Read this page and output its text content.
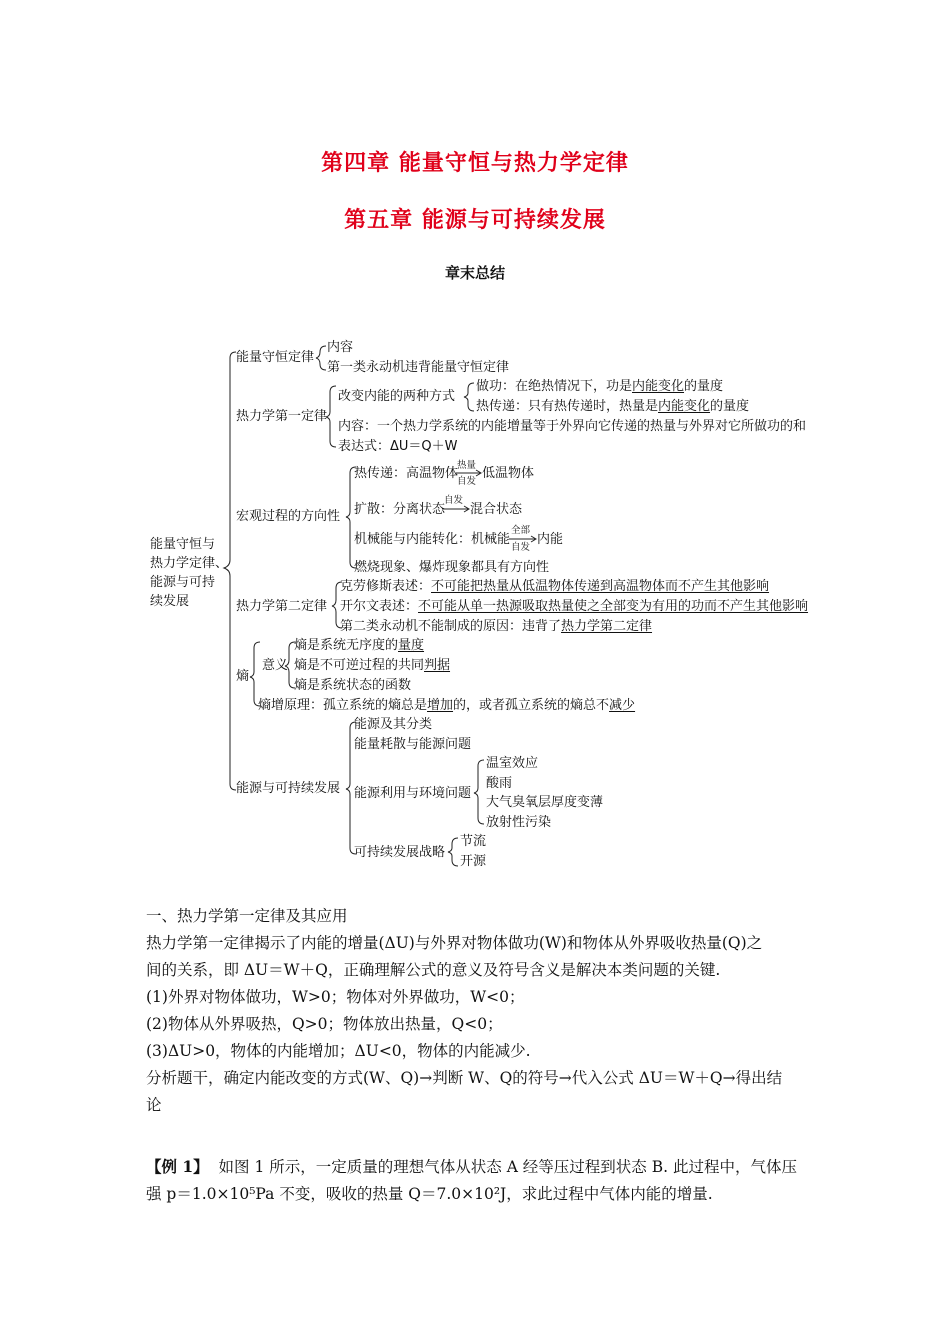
第四章 能量守恒与热力学定律
第五章 能源与可持续发展
章末总结
能量守恒与
热力学定律、
能源与可持
续发展
能量守恒定律
内容
第一类永动机违背能量守恒定律
热力学第一定律
改变内能的两种方式
做功：在绝热情况下，功是内能变化的量度
热传递：只有热传递时，热量是内能变化的量度
内容：一个热力学系统的内能增量等于外界向它传递的热量与外界对它所做功的和
表达式：ΔU＝Q＋W
宏观过程的方向性
热传递：高温物体
热量
自发
低温物体
扩散：分离状态
自发
混合状态
机械能与内能转化：机械能
全部
自发
内能
燃烧现象、爆炸现象都具有方向性
热力学第二定律
克劳修斯表述：不可能把热量从低温物体传递到高温物体而不产生其他影响
开尔文表述：不可能从单一热源吸取热量使之全部变为有用的功而不产生其他影响
第二类永动机不能制成的原因：违背了热力学第二定律
熵
意义
熵是系统无序度的量度
熵是不可逆过程的共同判据
熵是系统状态的函数
熵增原理：孤立系统的熵总是增加的，或者孤立系统的熵总不减少
能源与可持续发展
能源及其分类
能量耗散与能源问题
能源利用与环境问题
温室效应
酸雨
大气臭氧层厚度变薄
放射性污染
可持续发展战略
节流
开源
一、热力学第一定律及其应用
热力学第一定律揭示了内能的增量(ΔU)与外界对物体做功(W)和物体从外界吸收热量(Q)之
间的关系，即 ΔU＝W＋Q，正确理解公式的意义及符号含义是解决本类问题的关键.
(1)外界对物体做功，W>0；物体对外界做功，W<0；
(2)物体从外界吸热，Q>0；物体放出热量，Q<0；
(3)ΔU>0，物体的内能增加；ΔU<0，物体的内能减少.
分析题干，确定内能改变的方式(W、Q)→判断 W、Q的符号→代入公式 ΔU＝W＋Q→得出结
论
【例 1】 如图 1 所示，一定质量的理想气体从状态 A 经等压过程到状态 B. 此过程中，气体压
强 p＝1.0×10⁵Pa 不变，吸收的热量 Q＝7.0×10²J，求此过程中气体内能的增量.
